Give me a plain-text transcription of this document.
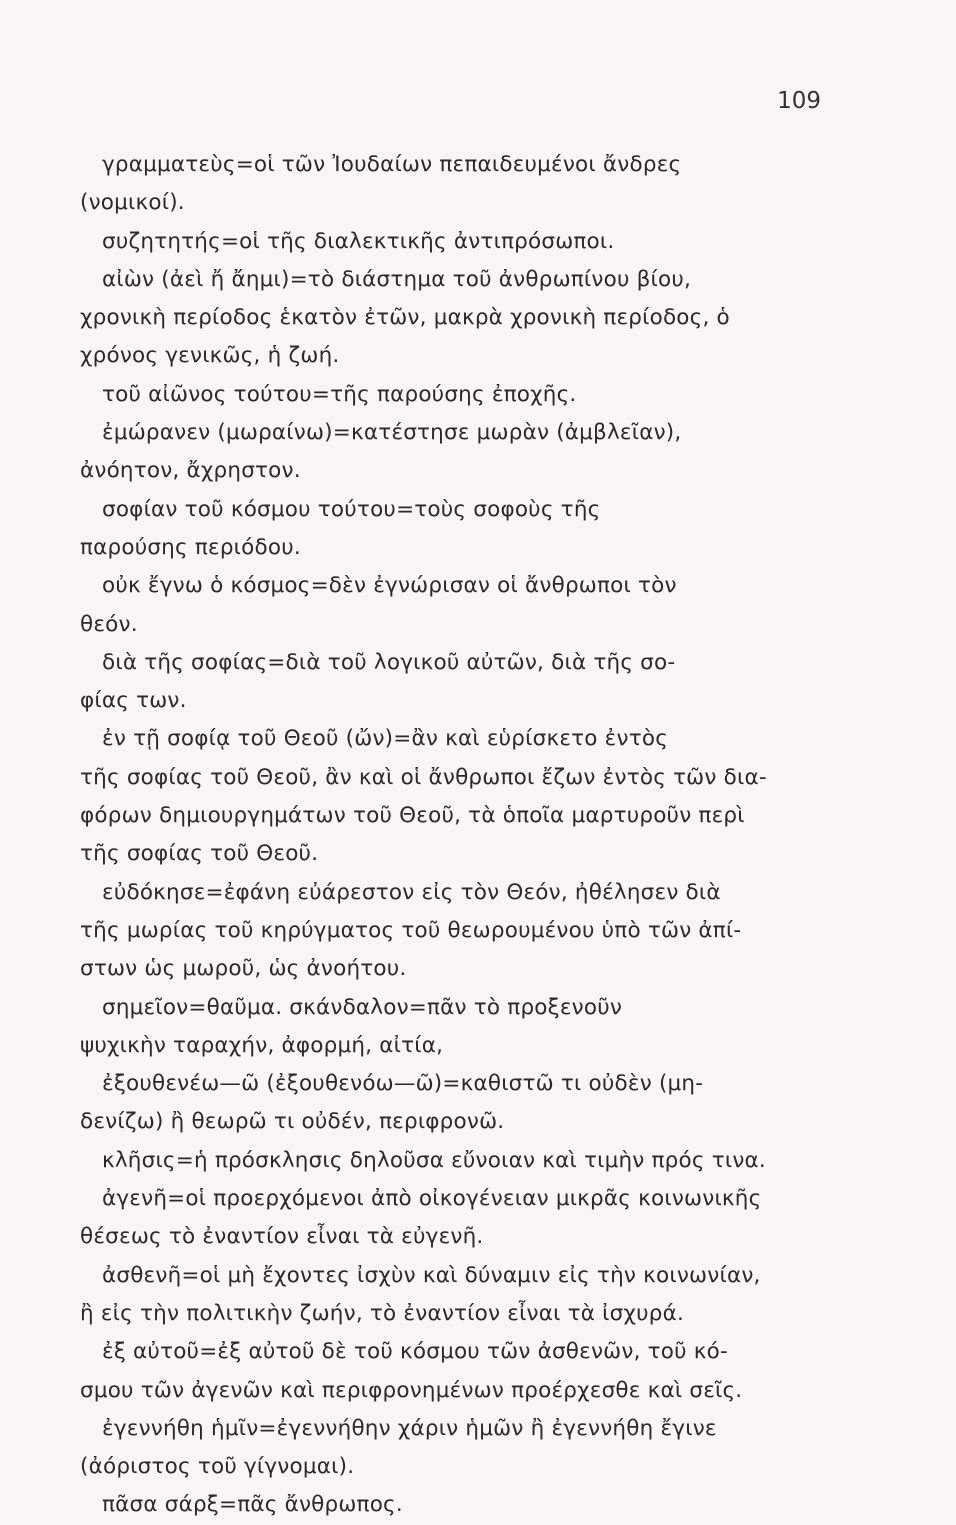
109
γραμματεὺς=οἱ τῶν Ἰουδαίων πεπαιδευμένοι ἄνδρες
(νομικοί).
συζητητής=οἱ τῆς διαλεκτικῆς ἀντιπρόσωποι.
αἰὼν (ἀεὶ ἤ ἄημι)=τὸ διάστημα τοῦ ἀνθρωπίνου βίου,
χρονικὴ περίοδος ἑκατὸν ἐτῶν, μακρὰ χρονικὴ περίοδος, ὁ
χρόνος γενικῶς, ἡ ζωή.
τοῦ αἰῶνος τούτου=τῆς παρούσης ἐποχῆς.
ἐμώρανεν (μωραίνω)=κατέστησε μωρὰν (ἀμβλεῖαν),
ἀνόητον, ἄχρηστον.
σοφίαν τοῦ κόσμου τούτου=τοὺς σοφοὺς τῆς
παρούσης περιόδου.
οὐκ ἔγνω ὁ κόσμος=δὲν ἐγνώρισαν οἱ ἄνθρωποι τὸν
θεόν.
διὰ τῆς σοφίας=διὰ τοῦ λογικοῦ αὐτῶν, διὰ τῆς σο-
φίας των.
ἐν τῇ σοφίᾳ τοῦ Θεοῦ (ὤν)=ἂν καὶ εὑρίσκετο ἐντὸς
τῆς σοφίας τοῦ Θεοῦ, ἂν καὶ οἱ ἄνθρωποι ἔζων ἐντὸς τῶν δια-
φόρων δημιουργημάτων τοῦ Θεοῦ, τὰ ὁποῖα μαρτυροῦν περὶ
τῆς σοφίας τοῦ Θεοῦ.
εὐδόκησε=ἐφάνη εὐάρεστον εἰς τὸν Θεόν, ἠθέλησεν διὰ
τῆς μωρίας τοῦ κηρύγματος τοῦ θεωρουμένου ὑπὸ τῶν ἀπί-
στων ὡς μωροῦ, ὡς ἀνοήτου.
σημεῖον=θαῦμα. σκάνδαλον=πᾶν τὸ προξενοῦν
ψυχικὴν ταραχήν, ἀφορμή, αἰτία,
ἐξουθενέω—ῶ (ἐξουθενόω—ῶ)=καθιστῶ τι οὐδὲν (μη-
δενίζω) ἢ θεωρῶ τι οὐδέν, περιφρονῶ.
κλῆσις=ἡ πρόσκλησις δηλοῦσα εὔνοιαν καὶ τιμὴν πρός τινα.
ἀγενῆ=οἱ προερχόμενοι ἀπὸ οἰκογένειαν μικρᾶς κοινωνικῆς
θέσεως τὸ ἐναντίον εἶναι τὰ εὐγενῆ.
ἀσθενῆ=οἱ μὴ ἔχοντες ἰσχὺν καὶ δύναμιν εἰς τὴν κοινωνίαν,
ἢ εἰς τὴν πολιτικὴν ζωήν, τὸ ἐναντίον εἶναι τὰ ἰσχυρά.
ἐξ αὐτοῦ=ἐξ αὐτοῦ δὲ τοῦ κόσμου τῶν ἀσθενῶν, τοῦ κό-
σμου τῶν ἀγενῶν καὶ περιφρονημένων προέρχεσθε καὶ σεῖς.
ἐγεννήθη ἡμῖν=ἐγεννήθην χάριν ἡμῶν ἢ ἐγεννήθη ἔγινε
(ἀόριστος τοῦ γίγνομαι).
πᾶσα σάρξ=πᾶς ἄνθρωπος.
